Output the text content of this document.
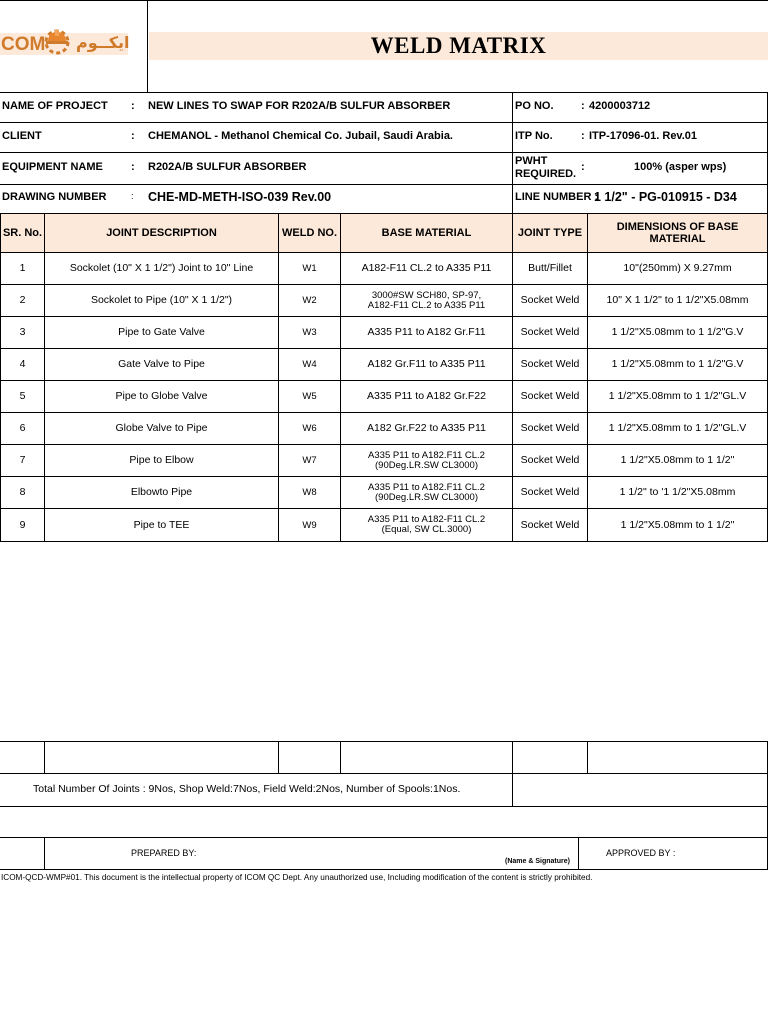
COM ايكــوم	WELD MATRIX
NAME OF PROJECT : NEW LINES TO SWAP FOR R202A/B SULFUR ABSORBER
CLIENT	: CHEMANOL - Methanol Chemical Co. Jubail, Saudi Arabia.
EQUIPMENT NAME	: R202A/B SULFUR ABSORBER
DRAWING NUMBER	: CHE-MD-METH-ISO-039 Rev.00
PO NO. : 4200003712
ITP No.	: ITP-17096-01. Rev.01
PWHT
REQUIRED.
:	100% (asper wps)
LINE NUMBER :
1 1/2" - PG-010915 - D34
SR. No.	JOINT DESCRIPTION	WELD NO.	BASE MATERIAL	JOINT TYPE	DIMENSIONS OF BASE MATERIAL
1	Sockolet (10" X 1 1/2") Joint to 10" Line	W1	A182-F11 CL.2 to A335 P11	Butt/Fillet	10"(250mm) X 9.27mm
2	Sockolet to Pipe (10" X 1 1/2")	W2	3000#SW SCH80, SP-97,
A182-F11 CL.2 to A335 P11	Socket Weld	10" X 1 1/2" to 1 1/2"X5.08mm
3	Pipe to Gate Valve	W3	A335 P11 to A182 Gr.F11	Socket Weld	1 1/2"X5.08mm to 1 1/2"G.V
4	Gate Valve to Pipe	W4	A182 Gr.F11 to A335 P11	Socket Weld	1 1/2"X5.08mm to 1 1/2"G.V
5	Pipe to Globe Valve	W5	A335 P11 to A182 Gr.F22	Socket Weld	1 1/2"X5.08mm to 1 1/2"GL.V
6	Globe Valve to Pipe	W6	A182 Gr.F22 to A335 P11	Socket Weld	1 1/2"X5.08mm to 1 1/2"GL.V
7	Pipe to Elbow	W7	A335 P11 to A182.F11 CL.2
(90Deg.LR.SW CL3000)	Socket Weld	1 1/2"X5.08mm to 1 1/2"
8	Elbowto Pipe	W8	A335 P11 to A182.F11 CL.2
(90Deg.LR.SW CL3000)	Socket Weld	1 1/2" to '1 1/2"X5.08mm
9	Pipe to TEE	W9	A335 P11 to A182-F11 CL.2
(Equal, SW CL.3000)	Socket Weld	1 1/2"X5.08mm to 1 1/2"
Total Number Of Joints : 9Nos, Shop Weld:7Nos, Field Weld:2Nos, Number of Spools:1Nos.
PREPARED BY:
(Name & Signature)
APPROVED BY :
ICOM-QCD-WMP#01. This document is the intellectual property of ICOM QC Dept. Any unauthorized use, Including modification of the content is strictly prohibited.
